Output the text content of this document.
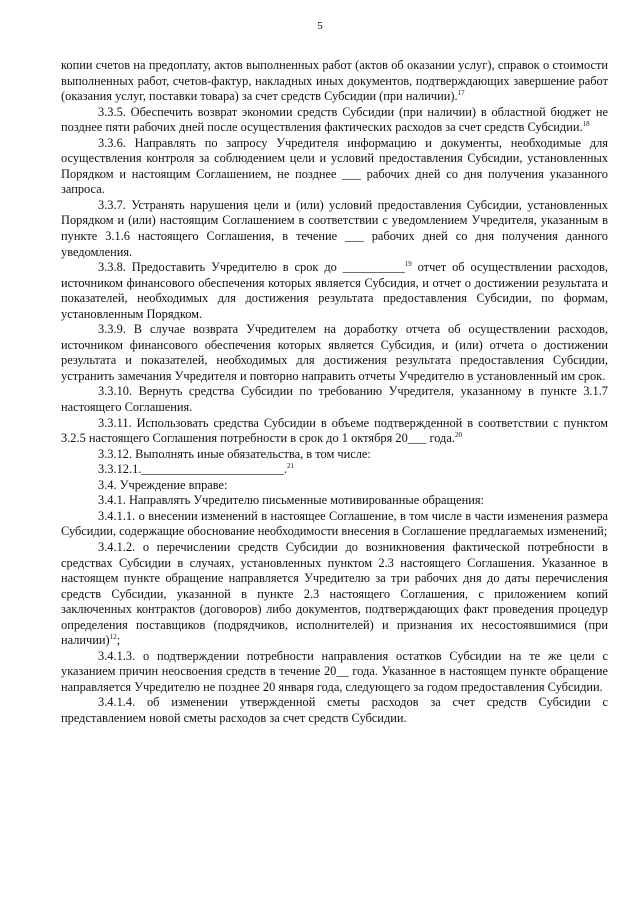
5

копии счетов на предоплату, актов выполненных работ (актов об оказании услуг), справок о стоимости выполненных работ, счетов-фактур, накладных иных документов, подтверждающих завершение работ (оказания услуг, поставки товара) за счет средств Субсидии (при наличии).$^{17}$

3.3.5. Обеспечить возврат экономии средств Субсидии (при наличии) в областной бюджет не позднее пяти рабочих дней после осуществления фактических расходов за счет средств Субсидии.$^{18}$

3.3.6. Направлять по запросу Учредителя информацию и документы, необходимые для осуществления контроля за соблюдением цели и условий предоставления Субсидии, установленных Порядком и настоящим Соглашением, не позднее ___ рабочих дней со дня получения указанного запроса.

3.3.7. Устранять нарушения цели и (или) условий предоставления Субсидии, установленных Порядком и (или) настоящим Соглашением в соответствии с уведомлением Учредителя, указанным в пункте 3.1.6 настоящего Соглашения, в течение ___ рабочих дней со дня получения данного уведомления.

3.3.8. Предоставить Учредителю в срок до __________$^{19}$ отчет об осуществлении расходов, источником финансового обеспечения которых является Субсидия, и отчет о достижении результата и показателей, необходимых для достижения результата предоставления Субсидии, по формам, установленным Порядком.

3.3.9. В случае возврата Учредителем на доработку отчета об осуществлении расходов, источником финансового обеспечения которых является Субсидия, и (или) отчета о достижении результата и показателей, необходимых для достижения результата предоставления Субсидии, устранить замечания Учредителя и повторно направить отчеты Учредителю в установленный им срок.

3.3.10. Вернуть средства Субсидии по требованию Учредителя, указанному в пункте 3.1.7 настоящего Соглашения.

3.3.11. Использовать средства Субсидии в объеме подтвержденной в соответствии с пунктом 3.2.5 настоящего Соглашения потребности в срок до 1 октября 20___ года.$^{20}$

3.3.12. Выполнять иные обязательства, в том числе:

3.3.12.1._______________________.$^{21}$

3.4. Учреждение вправе:

3.4.1. Направлять Учредителю письменные мотивированные обращения:

3.4.1.1. о внесении изменений в настоящее Соглашение, в том числе в части изменения размера Субсидии, содержащие обоснование необходимости внесения в Соглашение предлагаемых изменений;

3.4.1.2. о перечислении средств Субсидии до возникновения фактической потребности в средствах Субсидии в случаях, установленных пунктом 2.3 настоящего Соглашения. Указанное в настоящем пункте обращение направляется Учредителю за три рабочих дня до даты перечисления средств Субсидии, указанной в пункте 2.3 настоящего Соглашения, с приложением копий заключенных контрактов (договоров) либо документов, подтверждающих факт проведения процедур определения поставщиков (подрядчиков, исполнителей) и признания их несостоявшимися (при наличии)$^{12}$;

3.4.1.3. о подтверждении потребности направления остатков Субсидии на те же цели с указанием причин неосвоения средств в течение 20__ года. Указанное в настоящем пункте обращение направляется Учредителю не позднее 20 января года, следующего за годом предоставления Субсидии.

3.4.1.4. об изменении утвержденной сметы расходов за счет средств Субсидии с представлением новой сметы расходов за счет средств Субсидии.
